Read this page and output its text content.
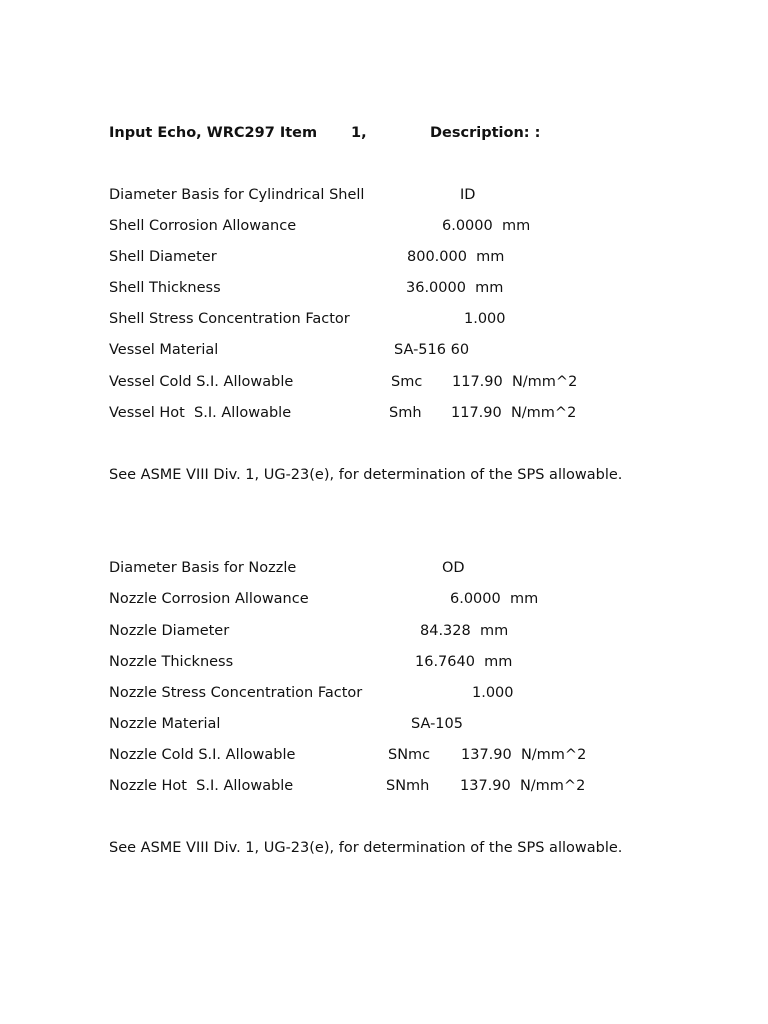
Input Echo, WRC297 Item 1,	Description: :
Diameter Basis for Cylindrical Shell	ID
Shell Corrosion Allowance	6.0000  mm
Shell Diameter	800.000  mm
Shell Thickness	36.0000  mm
Shell Stress Concentration Factor	1.000
Vessel Material	SA-516 60
Vessel Cold S.I. Allowable	Smc 117.90  N/mm^2
Vessel Hot  S.I. Allowable	Smh 117.90  N/mm^2
See ASME VIII Div. 1, UG-23(e), for determination of the SPS allowable.
Diameter Basis for Nozzle	OD
Nozzle Corrosion Allowance	6.0000  mm
Nozzle Diameter	84.328  mm
Nozzle Thickness	16.7640  mm
Nozzle Stress Concentration Factor	1.000
Nozzle Material	SA-105
Nozzle Cold S.I. Allowable	SNmc 137.90  N/mm^2
Nozzle Hot  S.I. Allowable	SNmh 137.90  N/mm^2
See ASME VIII Div. 1, UG-23(e), for determination of the SPS allowable.
